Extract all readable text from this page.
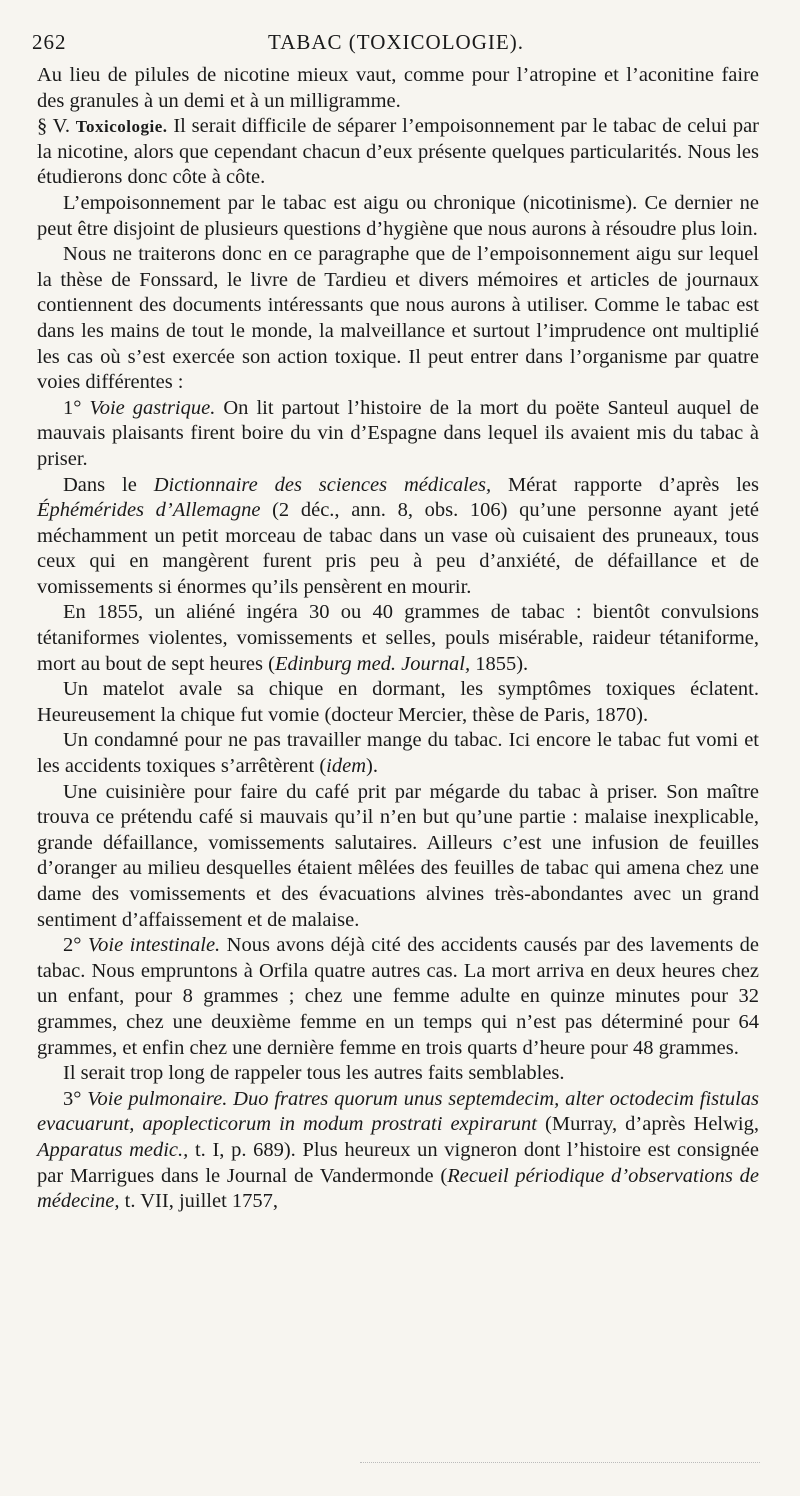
262	TABAC (TOXICOLOGIE).

Au lieu de pilules de nicotine mieux vaut, comme pour l’atropine et l’aconitine faire des granules à un demi et à un milligramme.

§ V. Toxicologie. Il serait difficile de séparer l’empoisonnement par le tabac de celui par la nicotine, alors que cependant chacun d’eux présente quelques particularités. Nous les étudierons donc côte à côte.

L’empoisonnement par le tabac est aigu ou chronique (nicotinisme). Ce dernier ne peut être disjoint de plusieurs questions d’hygiène que nous aurons à résoudre plus loin.

Nous ne traiterons donc en ce paragraphe que de l’empoisonnement aigu sur lequel la thèse de Fonssard, le livre de Tardieu et divers mémoires et articles de journaux contiennent des documents intéressants que nous aurons à utiliser. Comme le tabac est dans les mains de tout le monde, la malveillance et surtout l’imprudence ont multiplié les cas où s’est exercée son action toxique. Il peut entrer dans l’organisme par quatre voies différentes :

1° Voie gastrique. On lit partout l’histoire de la mort du poëte Santeul auquel de mauvais plaisants firent boire du vin d’Espagne dans lequel ils avaient mis du tabac à priser.

Dans le Dictionnaire des sciences médicales, Mérat rapporte d’après les Éphémérides d’Allemagne (2 déc., ann. 8, obs. 106) qu’une personne ayant jeté méchamment un petit morceau de tabac dans un vase où cuisaient des pruneaux, tous ceux qui en mangèrent furent pris peu à peu d’anxiété, de défaillance et de vomissements si énormes qu’ils pensèrent en mourir.

En 1855, un aliéné ingéra 30 ou 40 grammes de tabac : bientôt convulsions tétaniformes violentes, vomissements et selles, pouls misérable, raideur tétaniforme, mort au bout de sept heures (Edinburg med. Journal, 1855).

Un matelot avale sa chique en dormant, les symptômes toxiques éclatent. Heureusement la chique fut vomie (docteur Mercier, thèse de Paris, 1870).

Un condamné pour ne pas travailler mange du tabac. Ici encore le tabac fut vomi et les accidents toxiques s’arrêtèrent (idem).

Une cuisinière pour faire du café prit par mégarde du tabac à priser. Son maître trouva ce prétendu café si mauvais qu’il n’en but qu’une partie : malaise inexplicable, grande défaillance, vomissements salutaires. Ailleurs c’est une infusion de feuilles d’oranger au milieu desquelles étaient mêlées des feuilles de tabac qui amena chez une dame des vomissements et des évacuations alvines très-abondantes avec un grand sentiment d’affaissement et de malaise.

2° Voie intestinale. Nous avons déjà cité des accidents causés par des lavements de tabac. Nous empruntons à Orfila quatre autres cas. La mort arriva en deux heures chez un enfant, pour 8 grammes ; chez une femme adulte en quinze minutes pour 32 grammes, chez une deuxième femme en un temps qui n’est pas déterminé pour 64 grammes, et enfin chez une dernière femme en trois quarts d’heure pour 48 grammes.

Il serait trop long de rappeler tous les autres faits semblables.

3° Voie pulmonaire. Duo fratres quorum unus septemdecim, alter octodecim fistulas evacuarunt, apoplecticorum in modum prostrati expirarunt (Murray, d’après Helwig, Apparatus medic., t. I, p. 689). Plus heureux un vigneron dont l’histoire est consignée par Marrigues dans le Journal de Vandermonde (Recueil périodique d’observations de médecine, t. VII, juillet 1757,
